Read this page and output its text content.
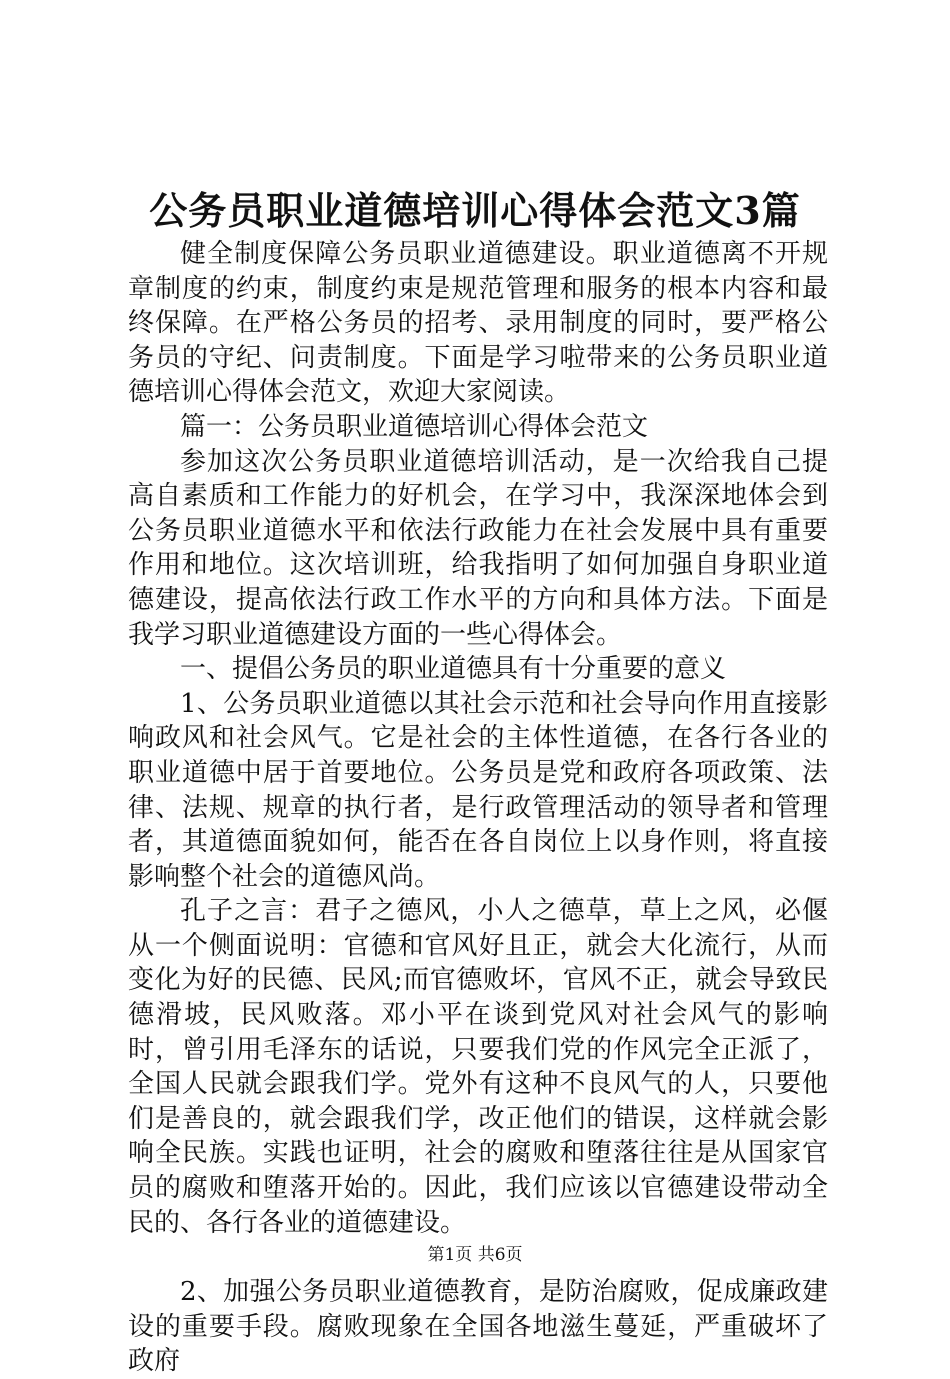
公务员职业道德培训心得体会范文3篇

健全制度保障公务员职业道德建设。职业道德离不开规章制度的约束，制度约束是规范管理和服务的根本内容和最终保障。在严格公务员的招考、录用制度的同时，要严格公务员的守纪、问责制度。下面是学习啦带来的公务员职业道德培训心得体会范文，欢迎大家阅读。

篇一：公务员职业道德培训心得体会范文

参加这次公务员职业道德培训活动，是一次给我自己提高自素质和工作能力的好机会，在学习中，我深深地体会到公务员职业道德水平和依法行政能力在社会发展中具有重要作用和地位。这次培训班，给我指明了如何加强自身职业道德建设，提高依法行政工作水平的方向和具体方法。下面是我学习职业道德建设方面的一些心得体会。

一、提倡公务员的职业道德具有十分重要的意义

1、公务员职业道德以其社会示范和社会导向作用直接影响政风和社会风气。它是社会的主体性道德，在各行各业的职业道德中居于首要地位。公务员是党和政府各项政策、法律、法规、规章的执行者，是行政管理活动的领导者和管理者，其道德面貌如何，能否在各自岗位上以身作则，将直接影响整个社会的道德风尚。

孔子之言：君子之德风，小人之德草，草上之风，必偃从一个侧面说明：官德和官风好且正，就会大化流行，从而变化为好的民德、民风;而官德败坏，官风不正，就会导致民德滑坡，民风败落。邓小平在谈到党风对社会风气的影响时，曾引用毛泽东的话说，只要我们党的作风完全正派了，全国人民就会跟我们学。党外有这种不良风气的人，只要他们是善良的，就会跟我们学，改正他们的错误，这样就会影响全民族。实践也证明，社会的腐败和堕落往往是从国家官员的腐败和堕落开始的。因此，我们应该以官德建设带动全民的、各行各业的道德建设。

2、加强公务员职业道德教育，是防治腐败，促成廉政建设的重要手段。腐败现象在全国各地滋生蔓延，严重破坏了政府

第1页 共6页
